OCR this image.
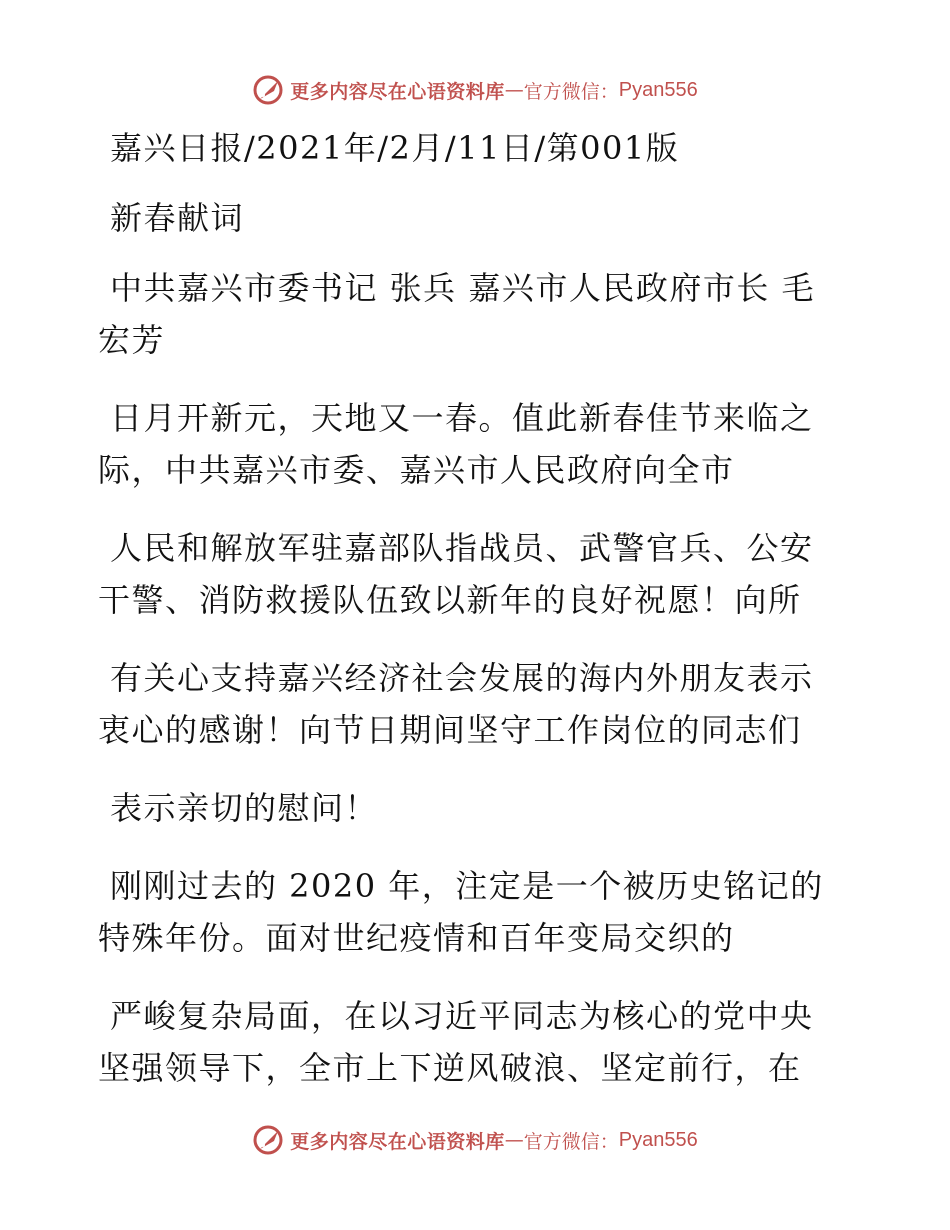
更多内容尽在心语资料库 — 官方微信： Pyan556

嘉兴日报/2021年/2月/11日/第001版

新春献词

中共嘉兴市委书记 张兵 嘉兴市人民政府市长 毛
宏芳

日月开新元，天地又一春。值此新春佳节来临之
际，中共嘉兴市委、嘉兴市人民政府向全市

人民和解放军驻嘉部队指战员、武警官兵、公安
干警、消防救援队伍致以新年的良好祝愿！向所

有关心支持嘉兴经济社会发展的海内外朋友表示
衷心的感谢！向节日期间坚守工作岗位的同志们

表示亲切的慰问！

刚刚过去的 2020 年，注定是一个被历史铭记的
特殊年份。面对世纪疫情和百年变局交织的

严峻复杂局面，在以习近平同志为核心的党中央
坚强领导下，全市上下逆风破浪、坚定前行，在

更多内容尽在心语资料库 — 官方微信： Pyan556
